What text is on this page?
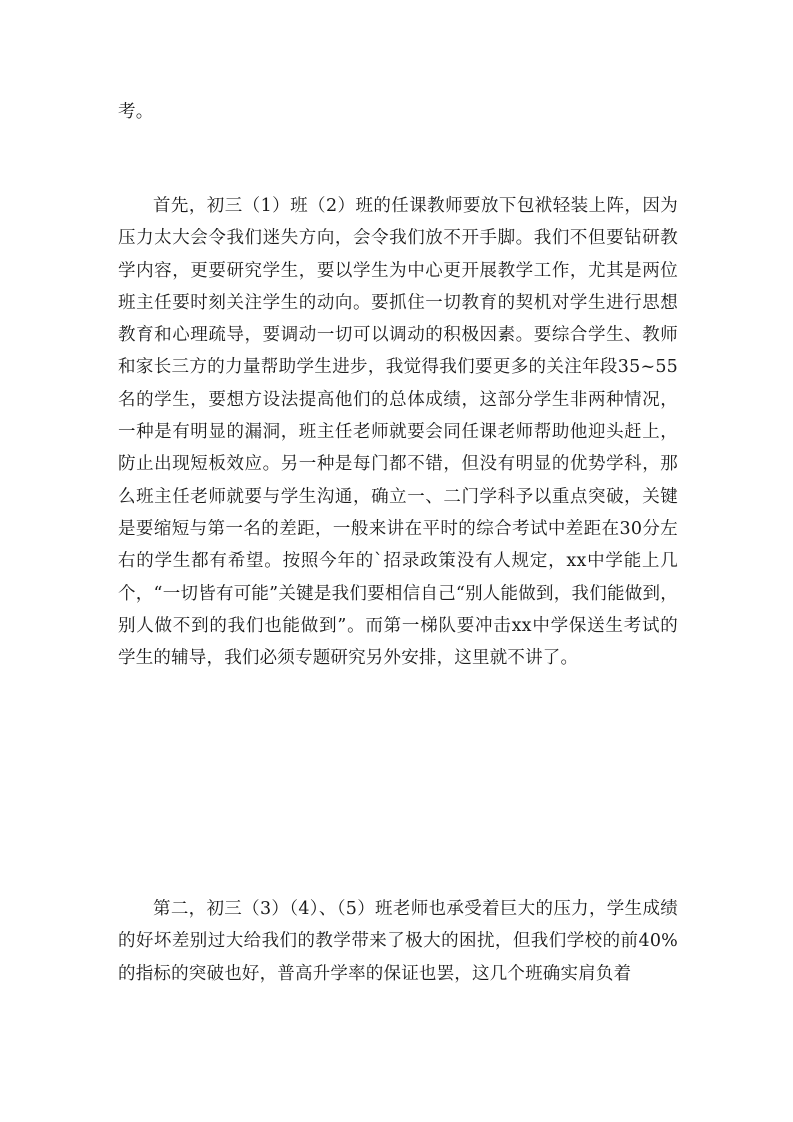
考。

首先，初三（1）班（2）班的任课教师要放下包袱轻装上阵，因为压力太大会令我们迷失方向，会令我们放不开手脚。我们不但要钻研教学内容，更要研究学生，要以学生为中心更开展教学工作，尤其是两位班主任要时刻关注学生的动向。要抓住一切教育的契机对学生进行思想教育和心理疏导，要调动一切可以调动的积极因素。要综合学生、教师和家长三方的力量帮助学生进步，我觉得我们要更多的关注年段35~55名的学生，要想方设法提高他们的总体成绩，这部分学生非两种情况，一种是有明显的漏洞，班主任老师就要会同任课老师帮助他迎头赶上，防止出现短板效应。另一种是每门都不错，但没有明显的优势学科，那么班主任老师就要与学生沟通，确立一、二门学科予以重点突破，关键是要缩短与第一名的差距，一般来讲在平时的综合考试中差距在30分左右的学生都有希望。按照今年的`招录政策没有人规定，xx中学能上几个，“一切皆有可能”关键是我们要相信自己“别人能做到，我们能做到，别人做不到的我们也能做到”。而第一梯队要冲击xx中学保送生考试的学生的辅导，我们必须专题研究另外安排，这里就不讲了。

第二，初三（3）（4）、（5）班老师也承受着巨大的压力，学生成绩的好坏差别过大给我们的教学带来了极大的困扰，但我们学校的前40%的指标的突破也好，普高升学率的保证也罢，这几个班确实肩负着
